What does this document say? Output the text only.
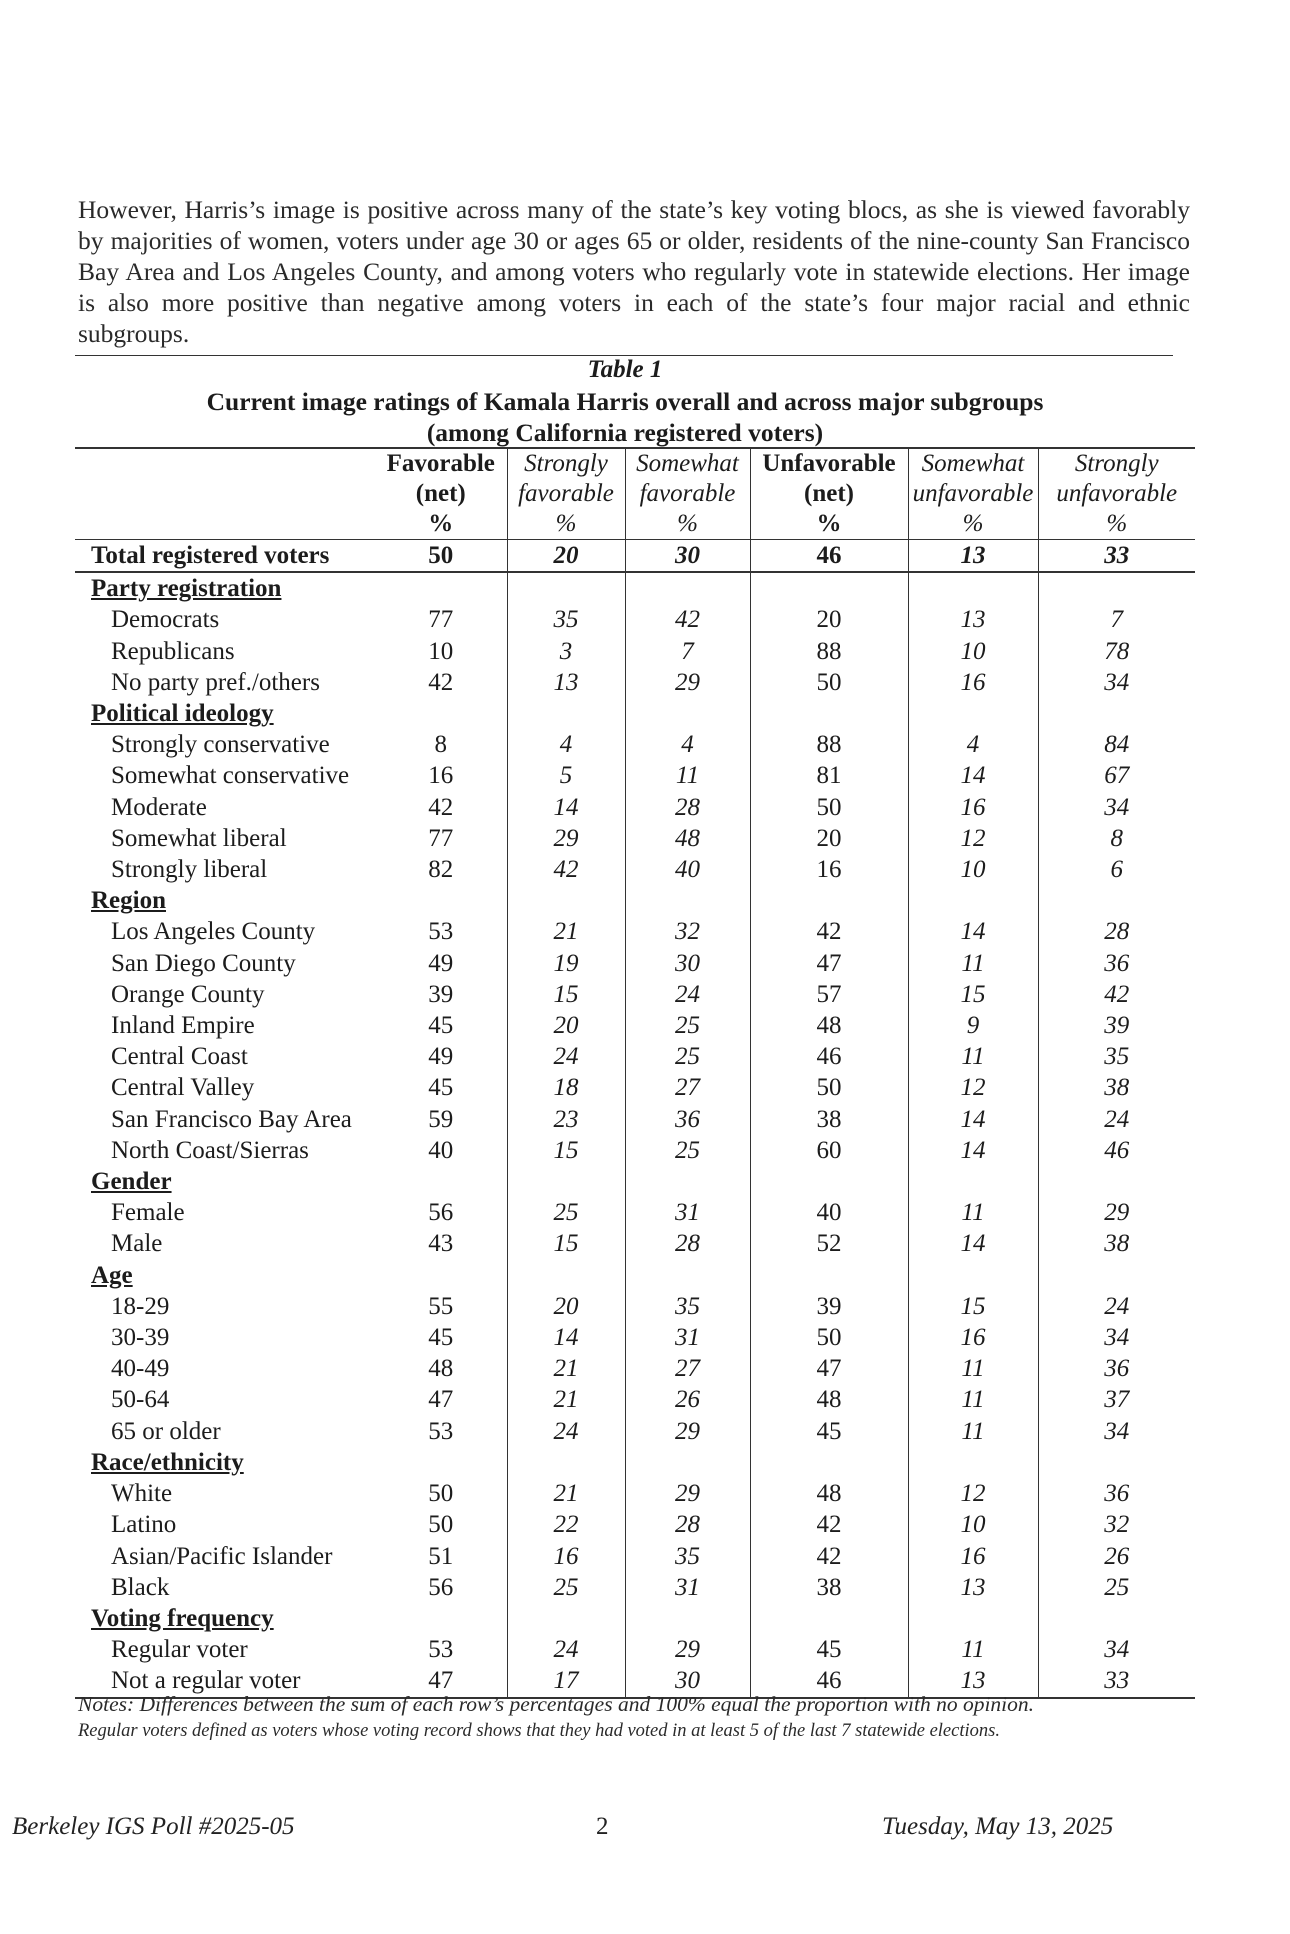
However, Harris’s image is positive across many of the state’s key voting blocs, as she is viewed favorably by majorities of women, voters under age 30 or ages 65 or older, residents of the nine-county San Francisco Bay Area and Los Angeles County, and among voters who regularly vote in statewide elections. Her image is also more positive than negative among voters in each of the state’s four major racial and ethnic subgroups.

Table 1
Current image ratings of Kamala Harris overall and across major subgroups
(among California registered voters)
	Favorable	Strongly	Somewhat	Unfavorable	Somewhat	Strongly
	(net)	favorable	favorable	(net)	unfavorable	unfavorable
	%	%	%	%	%	%
Total registered voters	50	20	30	46	13	33
Party registration						
Democrats	77	35	42	20	13	7
Republicans	10	3	7	88	10	78
No party pref./others	42	13	29	50	16	34
Political ideology						
Strongly conservative	8	4	4	88	4	84
Somewhat conservative	16	5	11	81	14	67
Moderate	42	14	28	50	16	34
Somewhat liberal	77	29	48	20	12	8
Strongly liberal	82	42	40	16	10	6
Region						
Los Angeles County	53	21	32	42	14	28
San Diego County	49	19	30	47	11	36
Orange County	39	15	24	57	15	42
Inland Empire	45	20	25	48	9	39
Central Coast	49	24	25	46	11	35
Central Valley	45	18	27	50	12	38
San Francisco Bay Area	59	23	36	38	14	24
North Coast/Sierras	40	15	25	60	14	46
Gender						
Female	56	25	31	40	11	29
Male	43	15	28	52	14	38
Age						
18-29	55	20	35	39	15	24
30-39	45	14	31	50	16	34
40-49	48	21	27	47	11	36
50-64	47	21	26	48	11	37
65 or older	53	24	29	45	11	34
Race/ethnicity						
White	50	21	29	48	12	36
Latino	50	22	28	42	10	32
Asian/Pacific Islander	51	16	35	42	16	26
Black	56	25	31	38	13	25
Voting frequency						
Regular voter	53	24	29	45	11	34
Not a regular voter	47	17	30	46	13	33
Notes: Differences between the sum of each row’s percentages and 100% equal the proportion with no opinion.
Regular voters defined as voters whose voting record shows that they had voted in at least 5 of the last 7 statewide elections.
Berkeley IGS Poll #2025-05	2	Tuesday, May 13, 2025
